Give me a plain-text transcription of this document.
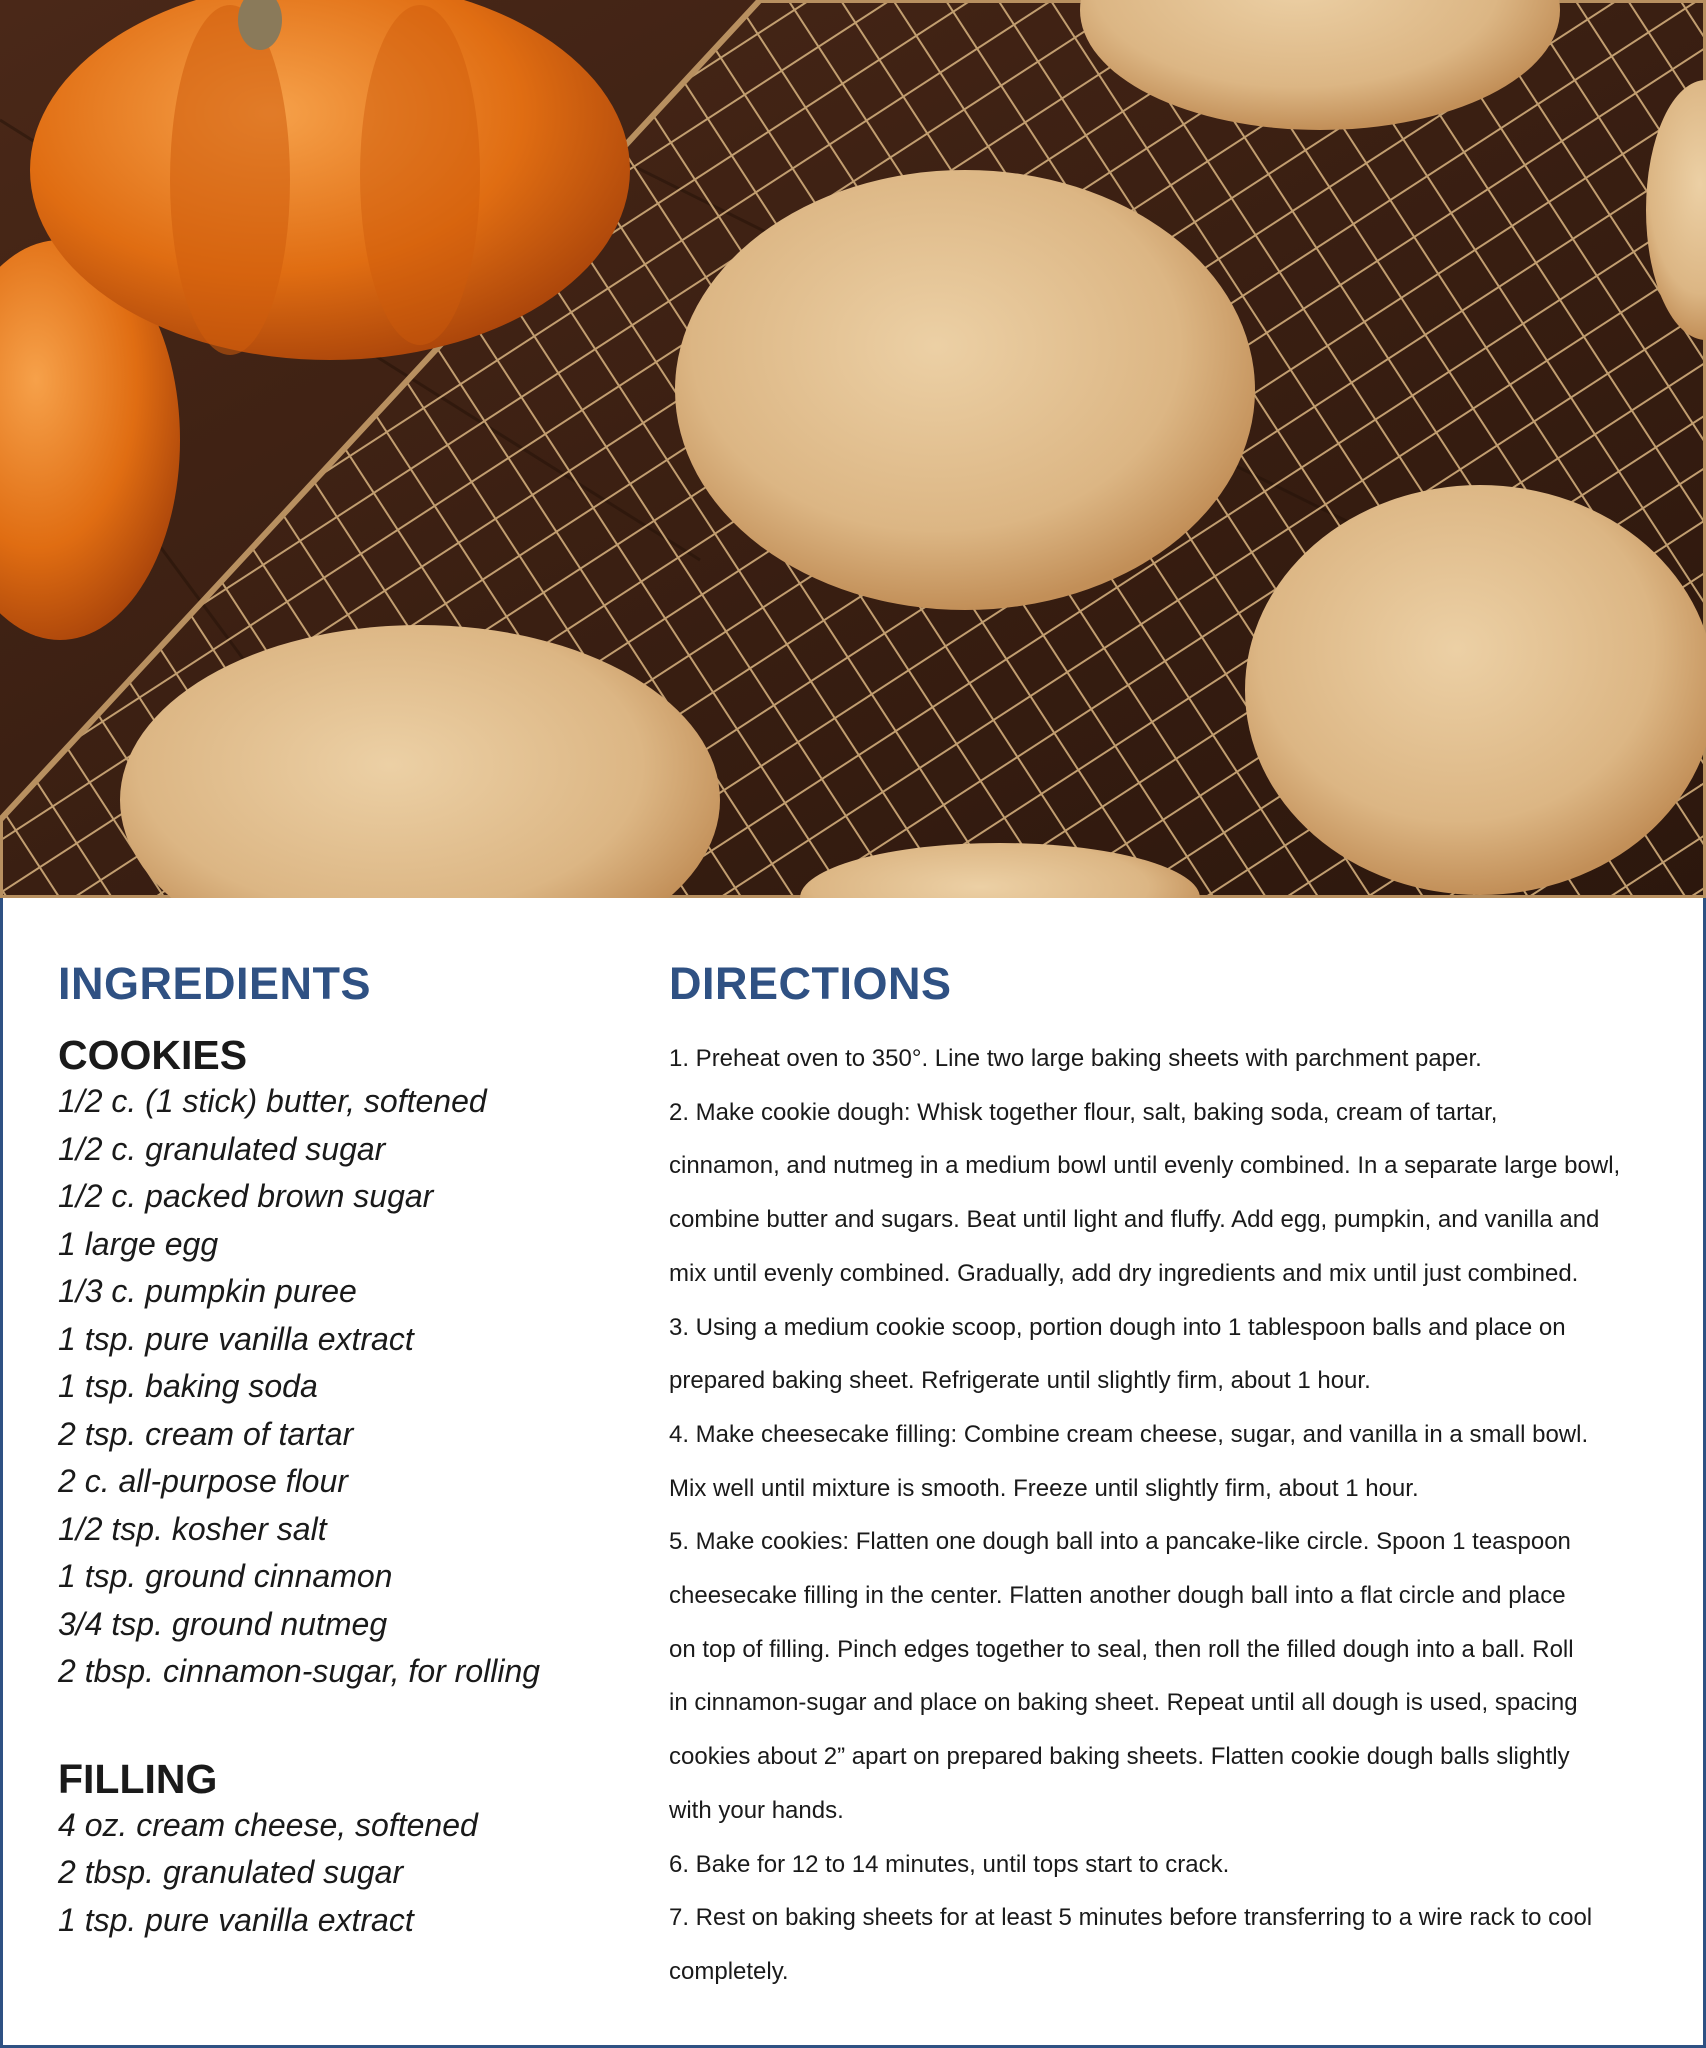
INGREDIENTS
COOKIES
1/2 c. (1 stick) butter, softened
1/2 c. granulated sugar
1/2 c. packed brown sugar
1 large egg
1/3 c. pumpkin puree
1 tsp. pure vanilla extract
1 tsp. baking soda
2 tsp. cream of tartar
2 c. all-purpose flour
1/2 tsp. kosher salt
1 tsp. ground cinnamon
3/4 tsp. ground nutmeg
2 tbsp. cinnamon-sugar, for rolling
FILLING
4 oz. cream cheese, softened
2 tbsp. granulated sugar
1 tsp. pure vanilla extract
DIRECTIONS
1. Preheat oven to 350°. Line two large baking sheets with parchment paper.
2. Make cookie dough: Whisk together flour, salt, baking soda, cream of tartar,
cinnamon, and nutmeg in a medium bowl until evenly combined. In a separate large bowl,
combine butter and sugars. Beat until light and fluffy. Add egg, pumpkin, and vanilla and
mix until evenly combined. Gradually, add dry ingredients and mix until just combined.
3. Using a medium cookie scoop, portion dough into 1 tablespoon balls and place on
prepared baking sheet. Refrigerate until slightly firm, about 1 hour.
4. Make cheesecake filling: Combine cream cheese, sugar, and vanilla in a small bowl.
Mix well until mixture is smooth. Freeze until slightly firm, about 1 hour.
5. Make cookies: Flatten one dough ball into a pancake-like circle. Spoon 1 teaspoon
cheesecake filling in the center. Flatten another dough ball into a flat circle and place
on top of filling. Pinch edges together to seal, then roll the filled dough into a ball. Roll
in cinnamon-sugar and place on baking sheet. Repeat until all dough is used, spacing
cookies about 2” apart on prepared baking sheets. Flatten cookie dough balls slightly
with your hands.
6. Bake for 12 to 14 minutes, until tops start to crack.
7. Rest on baking sheets for at least 5 minutes before transferring to a wire rack to cool
completely.
